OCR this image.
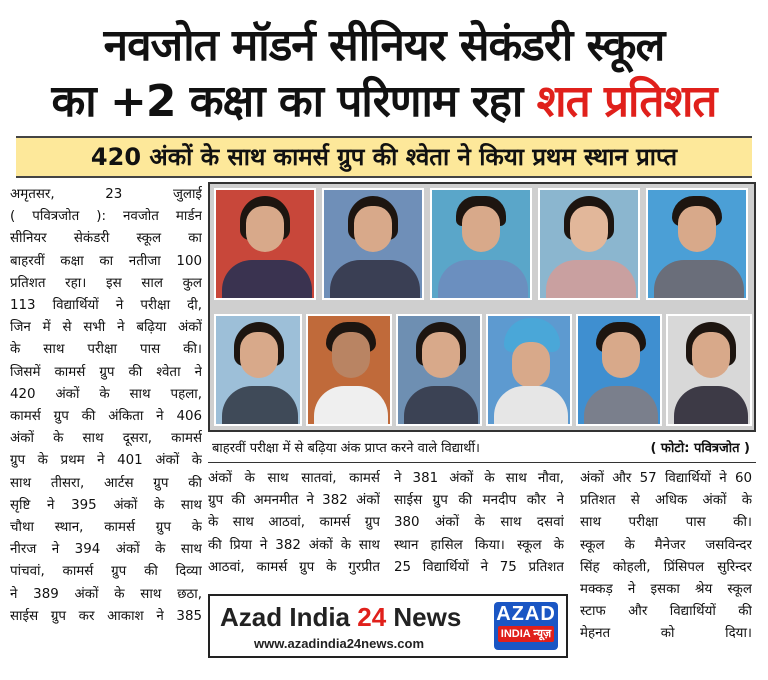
नवजोत मॉडर्न सीनियर सेकंडरी स्कूल
का +2 कक्षा का परिणाम रहा शत प्रतिशत
420 अंकों के साथ कामर्स ग्रुप की श्वेता ने किया प्रथम स्थान प्राप्त
अमृतसर, 23 जुलाई
( पवित्रजोत ): नवजोत मार्डन
सीनियर सेकंडरी स्कूल का
बाहरवीं कक्षा का नतीजा 100
प्रतिशत रहा। इस साल कुल
113 विद्यार्थियों ने परीक्षा दी,
जिन में से सभी ने बढ़िया अंकों
के साथ परीक्षा पास की।
जिसमें कामर्स ग्रुप की श्वेता ने
420 अंकों के साथ पहला,
कामर्स ग्रुप की अंकिता ने 406
अंकों के साथ दूसरा, कामर्स
ग्रुप के प्रथम ने 401 अंकों के
साथ तीसरा, आर्टस ग्रुप की
सृष्टि ने 395 अंकों के साथ
चौथा स्थान, कामर्स ग्रुप के
नीरज ने 394 अंकों के साथ
पांचवां, कामर्स ग्रुप की दिव्या
ने 389 अंकों के साथ छठा,
साईस ग्रुप कर आकाश ने 385
बाहरवीं परीक्षा में से बढ़िया अंक प्राप्त करने वाले विद्यार्थी।	( फोटो: पवित्रजोत )
अंकों के साथ सातवां, कामर्स
ग्रुप की अमनमीत ने 382 अंकों
के साथ आठवां, कामर्स ग्रुप
की प्रिया ने 382 अंकों के साथ
आठवां, कामर्स ग्रुप के गुरप्रीत
ने 381 अंकों के साथ नौवा,
साईस ग्रुप की मनदीप कौर ने
380 अंकों के साथ दसवां
स्थान हासिल किया। स्कूल के
25 विद्यार्थियों ने 75 प्रतिशत
अंकों और 57 विद्यार्थियों ने 60
प्रतिशत से अधिक अंकों के
साथ परीक्षा पास की।
स्कूल के मैनेजर जसविन्दर
सिंह कोहली, प्रिंसिपल सुरिन्दर
मक्कड़ ने इसका श्रेय स्कूल
स्टाफ और विद्यार्थियों की
मेहनत को दिया।
Azad India 24 News
www.azadindia24news.com
AZAD
INDIA न्यूज़
